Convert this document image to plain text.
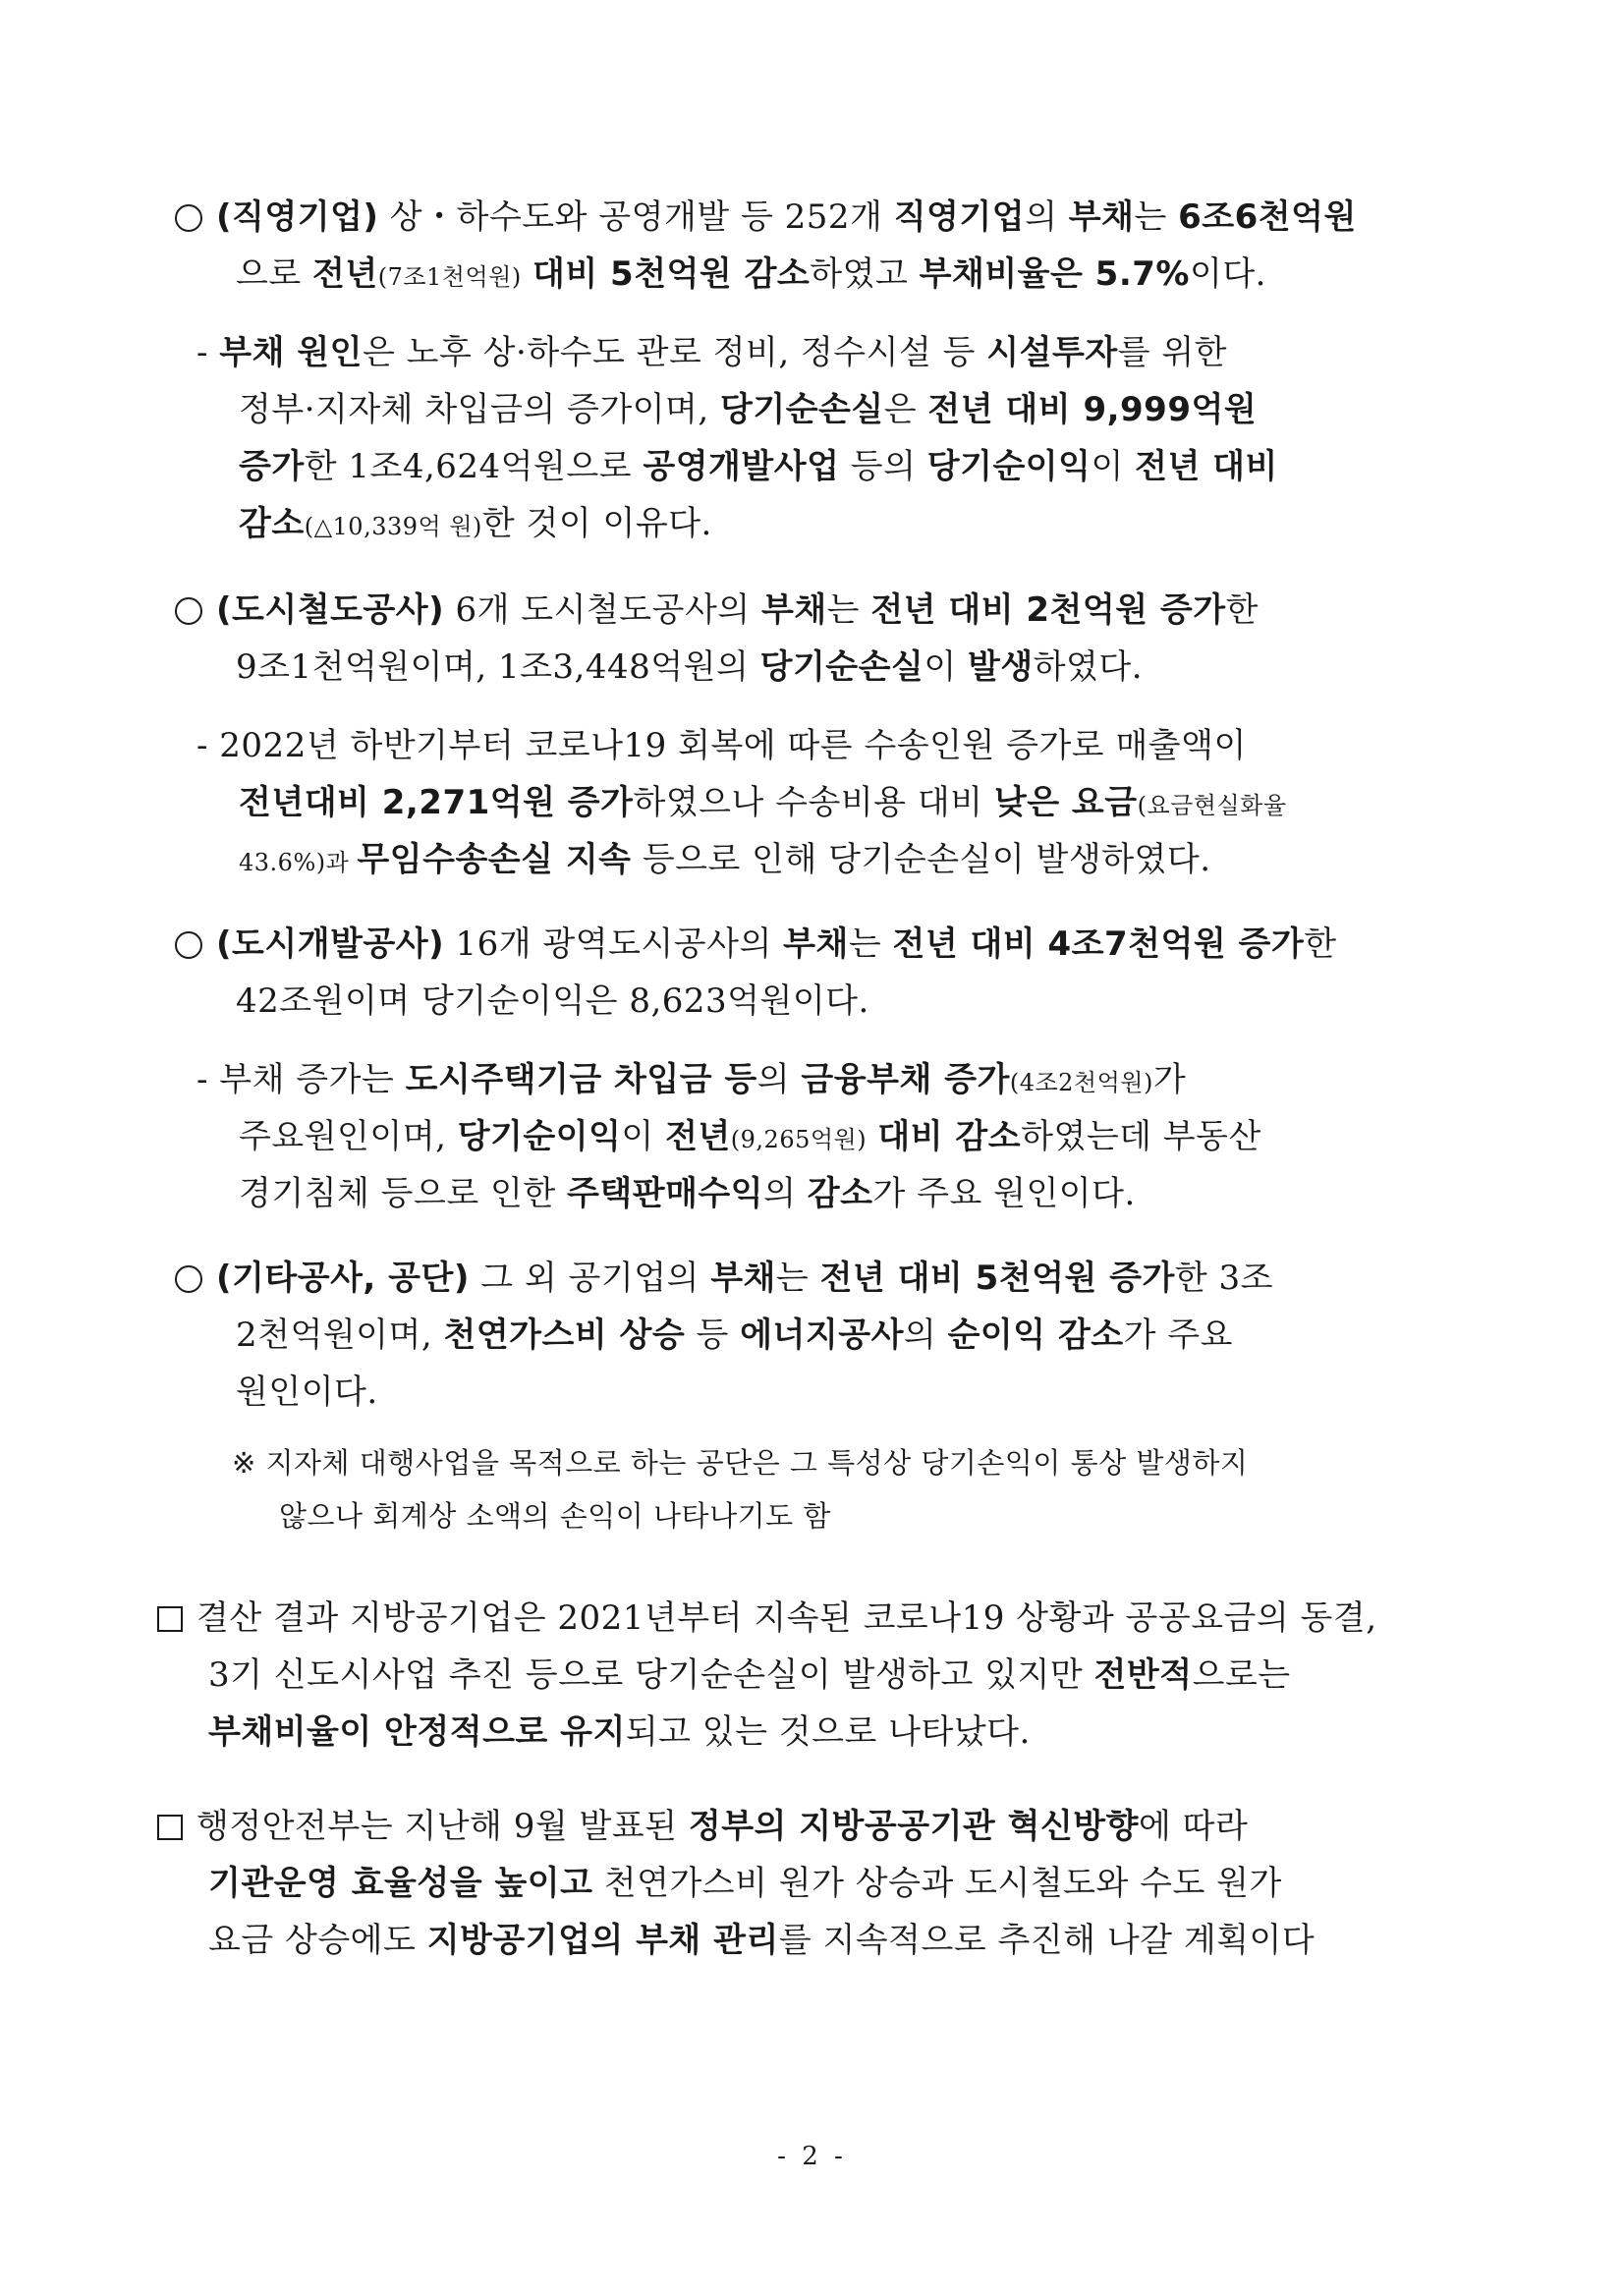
(직영기업) 상・하수도와 공영개발 등 252개 직영기업의 부채는 6조6천억원
으로 전년(7조1천억원) 대비 5천억원 감소하였고 부채비율은 5.7%이다.
- 부채 원인은 노후 상·하수도 관로 정비, 정수시설 등 시설투자를 위한
정부·지자체 차입금의 증가이며, 당기순손실은 전년 대비 9,999억원
증가한 1조4,624억원으로 공영개발사업 등의 당기순이익이 전년 대비
감소(△10,339억 원)한 것이 이유다.
(도시철도공사) 6개 도시철도공사의 부채는 전년 대비 2천억원 증가한
9조1천억원이며, 1조3,448억원의 당기순손실이 발생하였다.
- 2022년 하반기부터 코로나19 회복에 따른 수송인원 증가로 매출액이
전년대비 2,271억원 증가하였으나 수송비용 대비 낮은 요금(요금현실화율
43.6%)과 무임수송손실 지속 등으로 인해 당기순손실이 발생하였다.
(도시개발공사) 16개 광역도시공사의 부채는 전년 대비 4조7천억원 증가한
42조원이며 당기순이익은 8,623억원이다.
- 부채 증가는 도시주택기금 차입금 등의 금융부채 증가(4조2천억원)가
주요원인이며, 당기순이익이 전년(9,265억원) 대비 감소하였는데 부동산
경기침체 등으로 인한 주택판매수익의 감소가 주요 원인이다.
(기타공사, 공단) 그 외 공기업의 부채는 전년 대비 5천억원 증가한 3조
2천억원이며, 천연가스비 상승 등 에너지공사의 순이익 감소가 주요
원인이다.
※ 지자체 대행사업을 목적으로 하는 공단은 그 특성상 당기손익이 통상 발생하지
않으나 회계상 소액의 손익이 나타나기도 함
결산 결과 지방공기업은 2021년부터 지속된 코로나19 상황과 공공요금의 동결,
3기 신도시사업 추진 등으로 당기순손실이 발생하고 있지만 전반적으로는
부채비율이 안정적으로 유지되고 있는 것으로 나타났다.
행정안전부는 지난해 9월 발표된 정부의 지방공공기관 혁신방향에 따라
기관운영 효율성을 높이고 천연가스비 원가 상승과 도시철도와 수도 원가
요금 상승에도 지방공기업의 부채 관리를 지속적으로 추진해 나갈 계획이다
- 2 -
